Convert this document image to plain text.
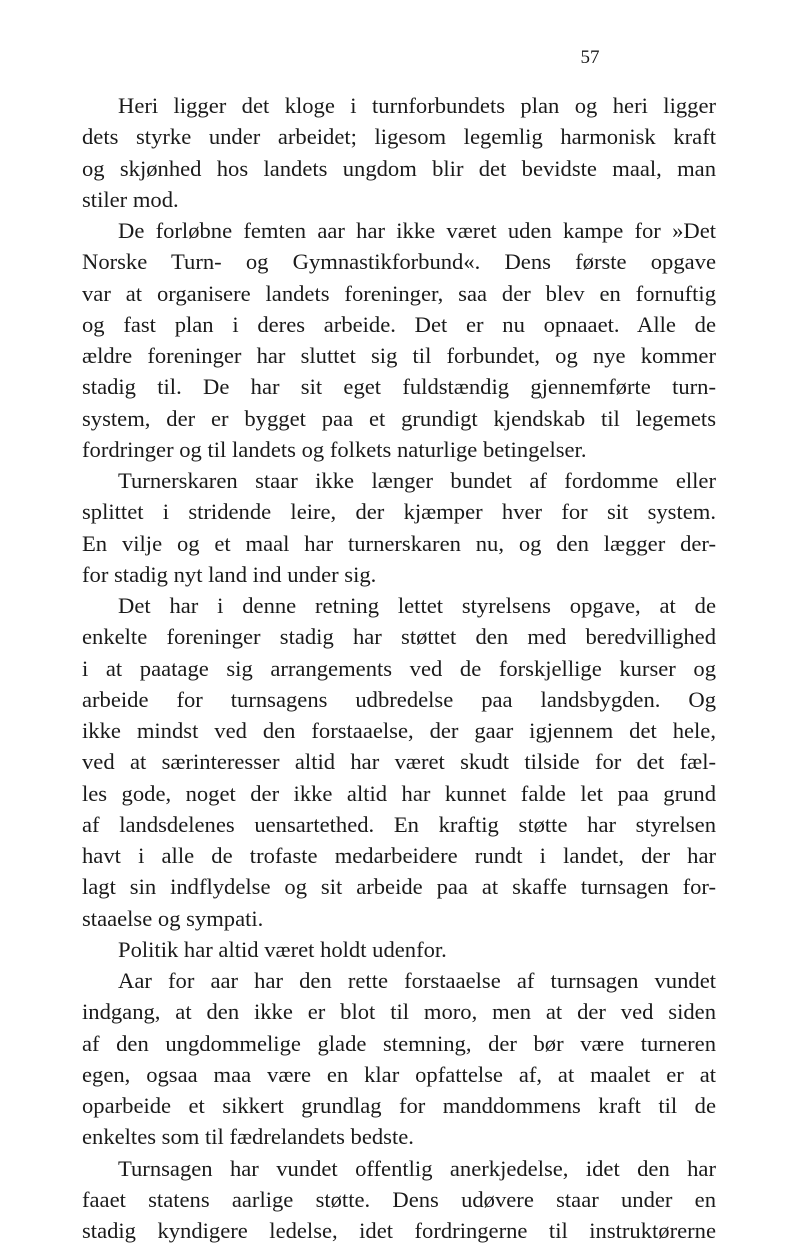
57
Heri ligger det kloge i turnforbundets plan og heri ligger
dets styrke under arbeidet; ligesom legemlig harmonisk kraft
og skjønhed hos landets ungdom blir det bevidste maal, man
stiler mod.
De forløbne femten aar har ikke været uden kampe for »Det
Norske Turn- og Gymnastikforbund«. Dens første opgave
var at organisere landets foreninger, saa der blev en fornuftig
og fast plan i deres arbeide. Det er nu opnaaet. Alle de
ældre foreninger har sluttet sig til forbundet, og nye kommer
stadig til. De har sit eget fuldstændig gjennemførte turn-
system, der er bygget paa et grundigt kjendskab til legemets
fordringer og til landets og folkets naturlige betingelser.
Turnerskaren staar ikke længer bundet af fordomme eller
splittet i stridende leire, der kjæmper hver for sit system.
En vilje og et maal har turnerskaren nu, og den lægger der-
for stadig nyt land ind under sig.
Det har i denne retning lettet styrelsens opgave, at de
enkelte foreninger stadig har støttet den med beredvillighed
i at paatage sig arrangements ved de forskjellige kurser og
arbeide for turnsagens udbredelse paa landsbygden. Og
ikke mindst ved den forstaaelse, der gaar igjennem det hele,
ved at særinteresser altid har været skudt tilside for det fæl-
les gode, noget der ikke altid har kunnet falde let paa grund
af landsdelenes uensartethed. En kraftig støtte har styrelsen
havt i alle de trofaste medarbeidere rundt i landet, der har
lagt sin indflydelse og sit arbeide paa at skaffe turnsagen for-
staaelse og sympati.
Politik har altid været holdt udenfor.
Aar for aar har den rette forstaaelse af turnsagen vundet
indgang, at den ikke er blot til moro, men at der ved siden
af den ungdommelige glade stemning, der bør være turneren
egen, ogsaa maa være en klar opfattelse af, at maalet er at
oparbeide et sikkert grundlag for manddommens kraft til de
enkeltes som til fædrelandets bedste.
Turnsagen har vundet offentlig anerkjedelse, idet den har
faaet statens aarlige støtte. Dens udøvere staar under en
stadig kyndigere ledelse, idet fordringerne til instruktørerne
